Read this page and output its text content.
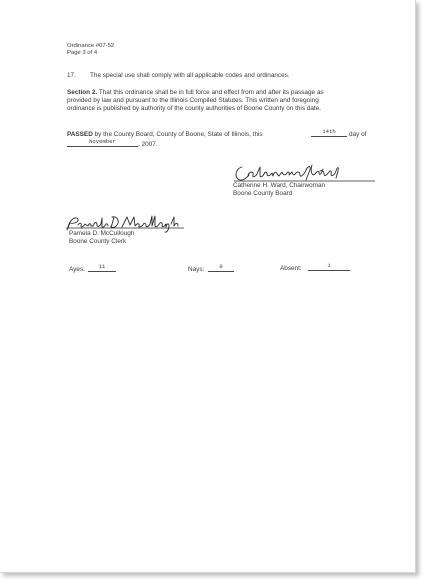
Ordinance #07-52
Page 3 of 4
17. The special use shall comply with all applicable codes and ordinances.
Section 2. That this ordinance shall be in full force and effect from and after its passage as provided by law and pursuant to the Illinois Compiled Statutes. This written and foregoing ordinance is published by authority of the county authorities of Boone County on this date.
PASSED by the County Board, County of Boone, State of Illinois, this	14th	day of
November	, 2007.
Catherine H. Ward, Chairwoman
Boone County Board
Pamela D. McCullough
Boone County Clerk
Ayes:	11	Nays:	0	Absent:	1
